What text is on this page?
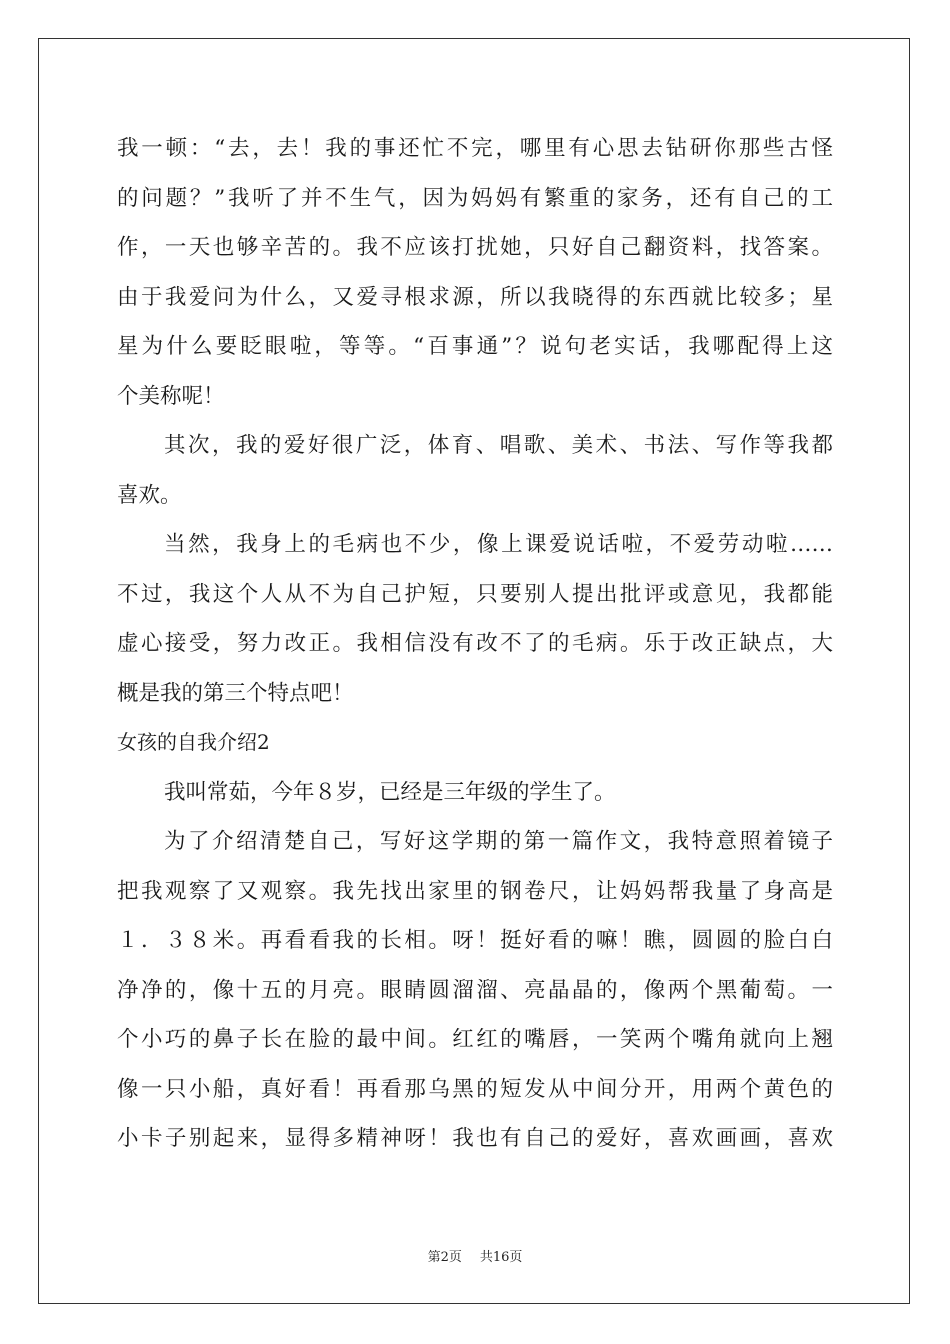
我一顿：“去，去！我的事还忙不完，哪里有心思去钻研你那些古怪
的问题？”我听了并不生气，因为妈妈有繁重的家务，还有自己的工
作，一天也够辛苦的。我不应该打扰她，只好自己翻资料，找答案。
由于我爱问为什么，又爱寻根求源，所以我晓得的东西就比较多；星
星为什么要眨眼啦，等等。“百事通”？说句老实话，我哪配得上这
个美称呢！
其次，我的爱好很广泛，体育、唱歌、美术、书法、写作等我都
喜欢。
当然，我身上的毛病也不少，像上课爱说话啦，不爱劳动啦……
不过，我这个人从不为自己护短，只要别人提出批评或意见，我都能
虚心接受，努力改正。我相信没有改不了的毛病。乐于改正缺点，大
概是我的第三个特点吧！
女孩的自我介绍2
我叫常茹，今年８岁，已经是三年级的学生了。
为了介绍清楚自己，写好这学期的第一篇作文，我特意照着镜子
把我观察了又观察。我先找出家里的钢卷尺，让妈妈帮我量了身高是
１．３８米。再看看我的长相。呀！挺好看的嘛！瞧，圆圆的脸白白
净净的，像十五的月亮。眼睛圆溜溜、亮晶晶的，像两个黑葡萄。一
个小巧的鼻子长在脸的最中间。红红的嘴唇，一笑两个嘴角就向上翘
像一只小船，真好看！再看那乌黑的短发从中间分开，用两个黄色的
小卡子别起来，显得多精神呀！我也有自己的爱好，喜欢画画，喜欢
第2页 共16页
